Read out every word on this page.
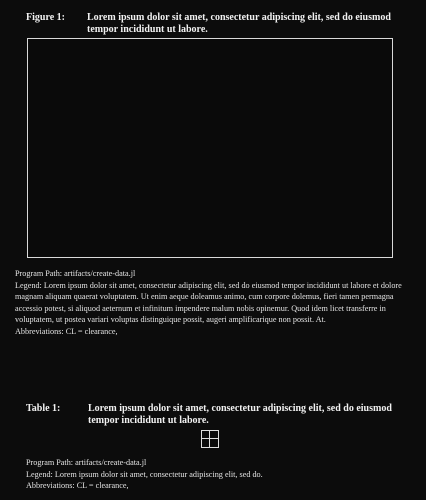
Figure 1: Lorem ipsum dolor sit amet, consectetur adipiscing elit, sed do eiusmod tempor incididunt ut labore.

Program Path: artifacts/create-data.jl

Legend: Lorem ipsum dolor sit amet, consectetur adipiscing elit, sed do eiusmod tempor incididunt ut labore et dolore magnam aliquam quaerat voluptatem. Ut enim aeque doleamus animo, cum corpore dolemus, fieri tamen permagna accessio potest, si aliquod aeternum et infinitum impendere malum nobis opinemur. Quod idem licet transferre in voluptatem, ut postea variari voluptas distinguique possit, augeri amplificarique non possit. At.

Abbreviations: CL = clearance,

Table 1:	Lorem ipsum dolor sit amet, consectetur adipiscing elit, sed do eiusmod tempor incididunt ut labore.

Program Path: artifacts/create-data.jl

Legend: Lorem ipsum dolor sit amet, consectetur adipiscing elit, sed do.

Abbreviations: CL = clearance,
